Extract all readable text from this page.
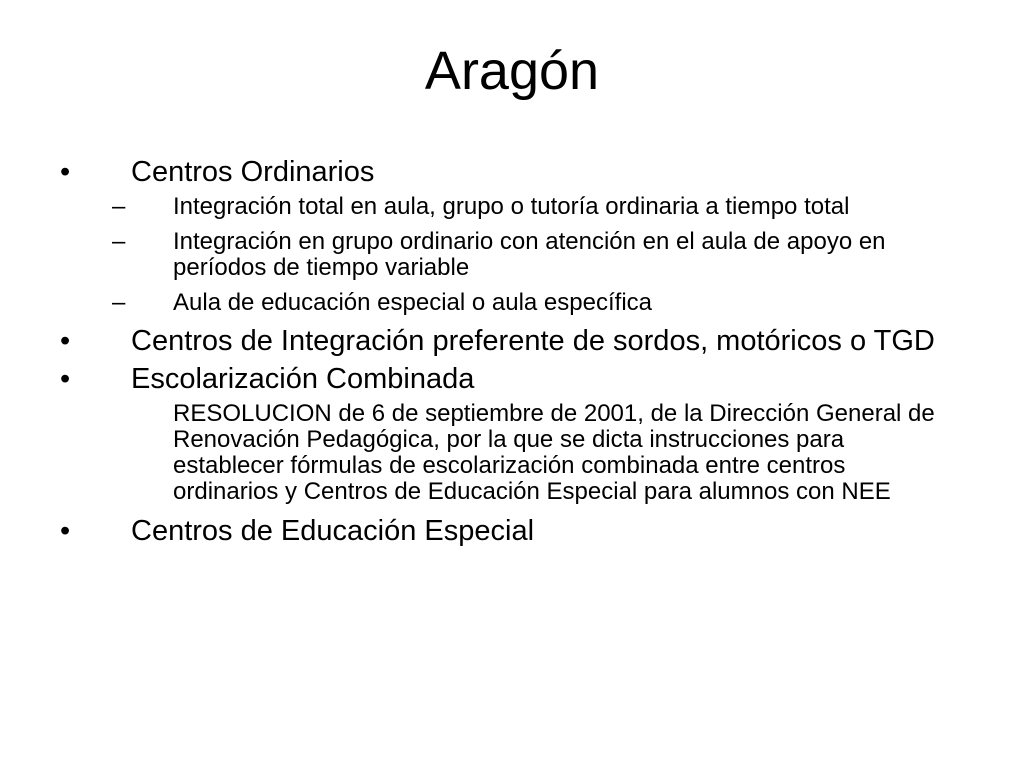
Aragón
• Centros Ordinarios
– Integración total en aula, grupo o tutoría ordinaria a tiempo total
– Integración en grupo ordinario con atención en el aula de apoyo en períodos de tiempo variable
– Aula de educación especial o aula específica
• Centros de Integración preferente de sordos, motóricos o TGD
• Escolarización Combinada
RESOLUCION de 6 de septiembre de 2001, de la Dirección General de Renovación Pedagógica, por la que se dicta instrucciones para establecer fórmulas de escolarización combinada entre centros ordinarios y Centros de Educación Especial para alumnos con NEE
• Centros de Educación Especial
